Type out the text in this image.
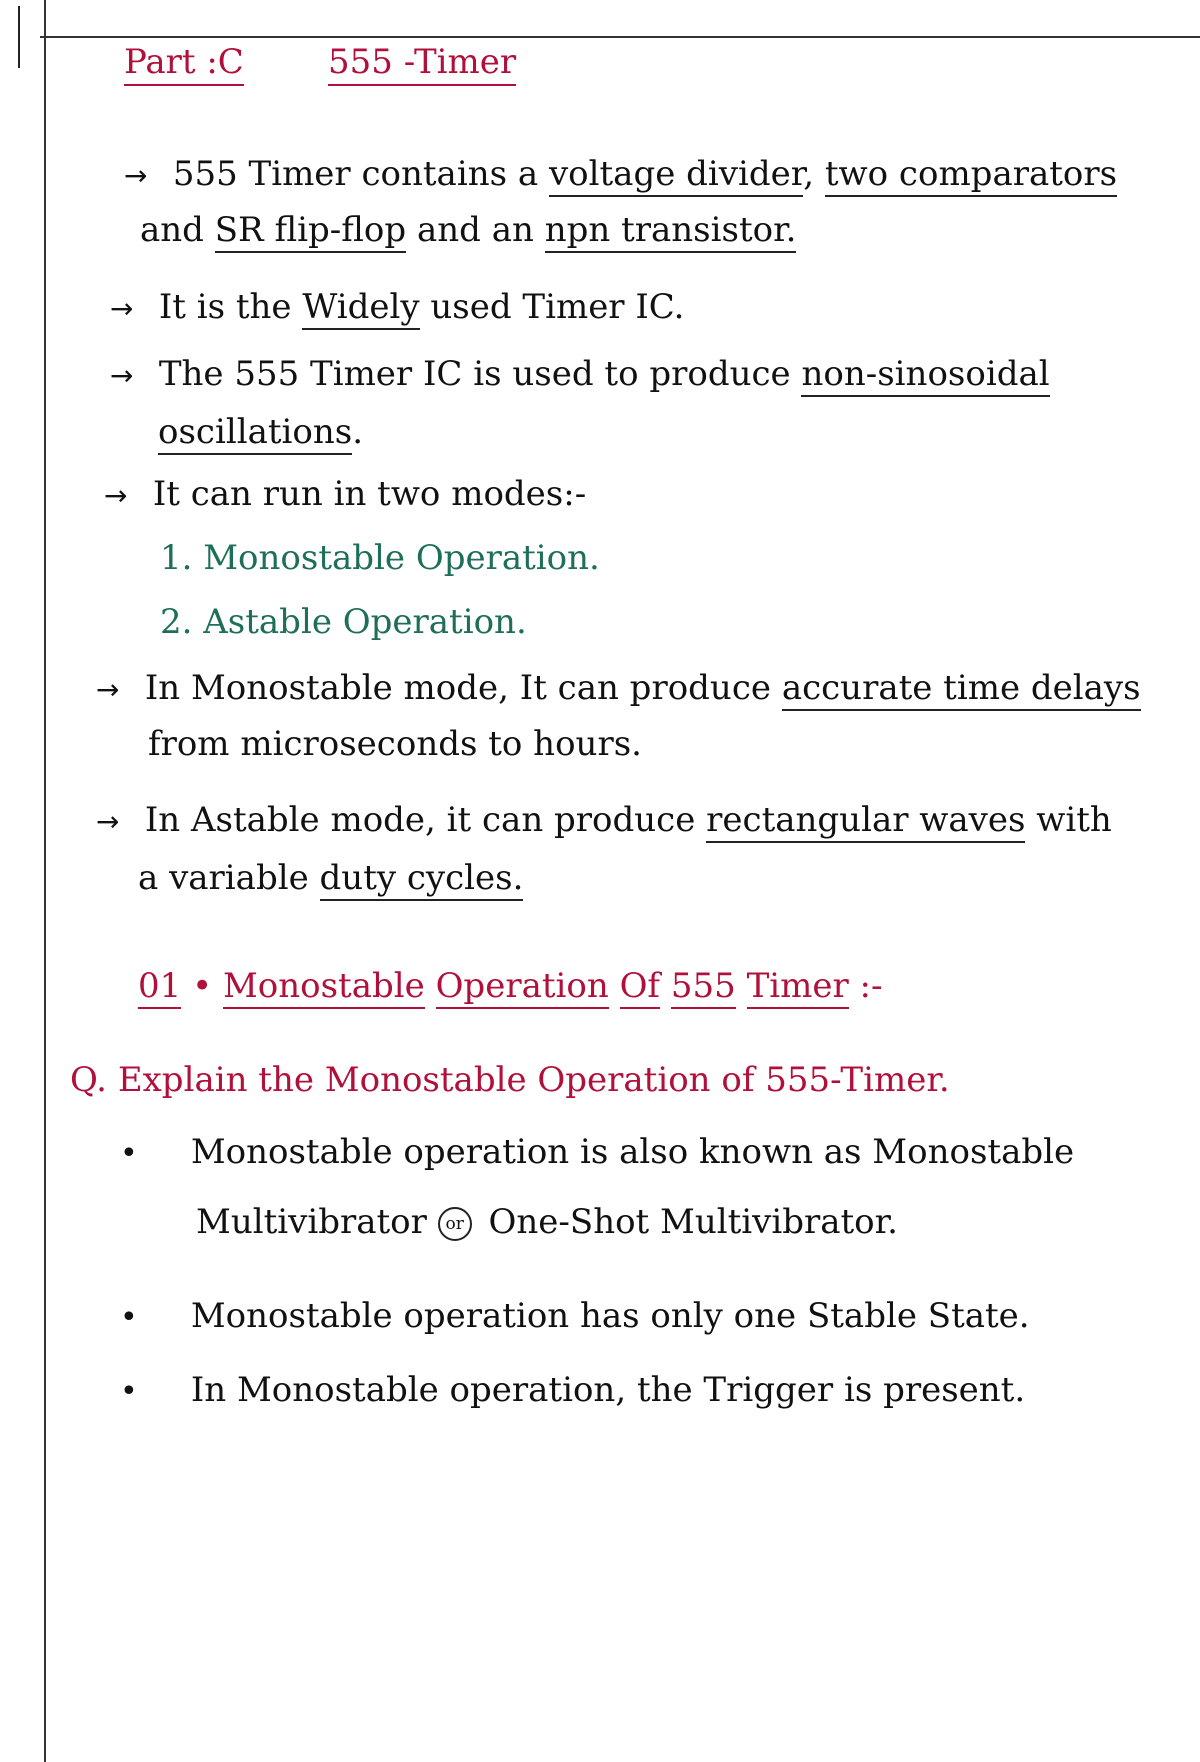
Part :C 555 -Timer
→ 555 Timer contains a voltage divider, two comparators
and SR flip-flop and an npn transistor.
→ It is the Widely used Timer IC.
→ The 555 Timer IC is used to produce non-sinosoidal
oscillations.
→ It can run in two modes:-
1. Monostable Operation.
2. Astable Operation.
→ In Monostable mode, It can produce accurate time delays
from microseconds to hours.
→ In Astable mode, it can produce rectangular waves with
a variable duty cycles.
01 • Monostable Operation Of 555 Timer :-
Q. Explain the Monostable Operation of 555-Timer.
• Monostable operation is also known as Monostable
Multivibrator or One-Shot Multivibrator.
• Monostable operation has only one Stable State.
• In Monostable operation, the Trigger is present.
